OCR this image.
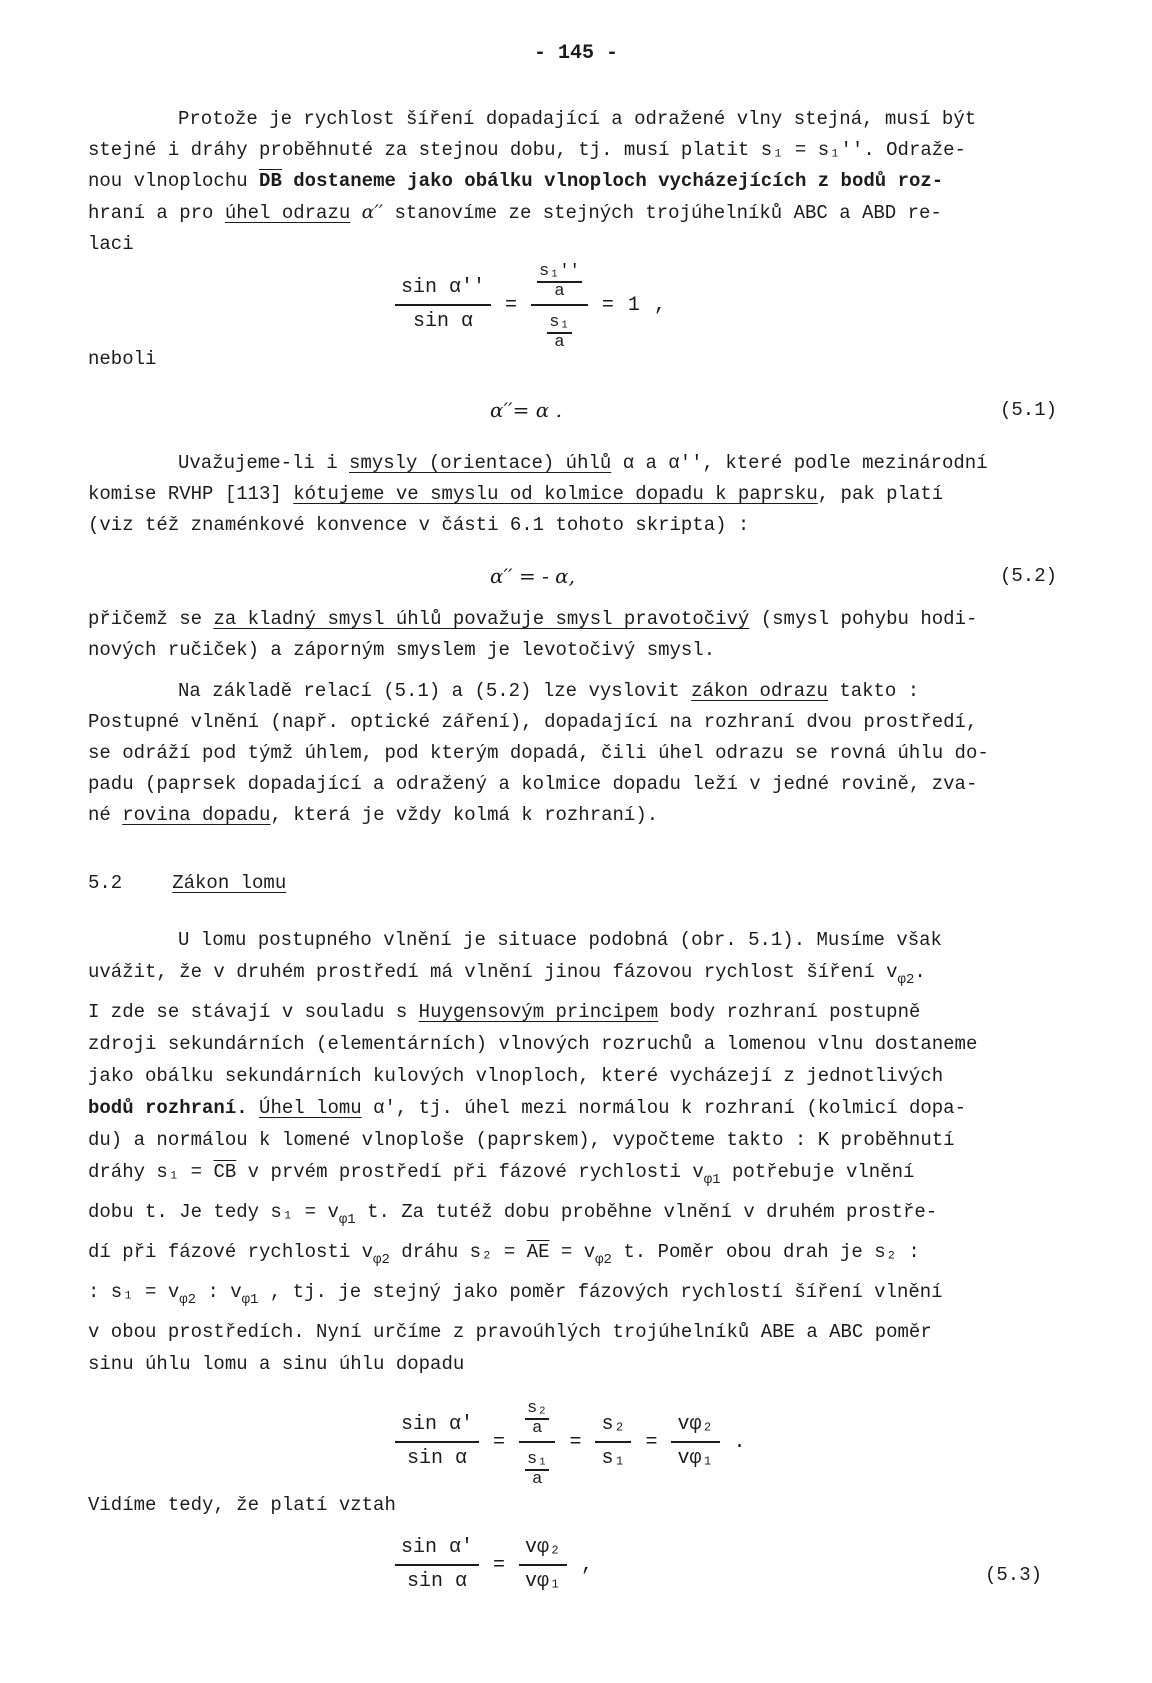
- 145 -
Protože je rychlost šíření dopadající a odražené vlny stejná, musí být
stejné i dráhy proběhnuté za stejnou dobu, tj. musí platit s₁ = s₁′′. Odraže-
nou vlnoplochu $\overline{DB}$ dostaneme jako obálku vlnoploch vycházejících z bodů roz-
hraní a pro úhel odrazu α′′ stanovíme ze stejných trojúhelníků ABC a ABD re-
laci
$\frac{\text{sin α′′}}{\text{sin α}} = \frac{\frac{\text{s₁′′}}{a}}{\frac{\text{s₁}}{a}} = 1$ ,
neboli
α′′= α .	(5.1)
Uvažujeme-li i smysly (orientace) úhlů α a α′′, které podle mezinárodní
komise RVHP [113] kótujeme ve smyslu od kolmice dopadu k paprsku, pak platí
(viz též znaménkové konvence v části 6.1 tohoto skripta) :
α′′ = - α,	(5.2)
přičemž se za kladný smysl úhlů považuje smysl pravotočivý (smysl pohybu hodi-
nových ručiček) a záporným smyslem je levotočivý smysl.
Na základě relací (5.1) a (5.2) lze vyslovit zákon odrazu takto :
Postupné vlnění (např. optické záření), dopadající na rozhraní dvou prostředí,
se odráží pod týmž úhlem, pod kterým dopadá, čili úhel odrazu se rovná úhlu do-
padu (paprsek dopadající a odražený a kolmice dopadu leží v jedné rovině, zva-
né rovina dopadu, která je vždy kolmá k rozhraní).
5.2	Zákon lomu
U lomu postupného vlnění je situace podobná (obr. 5.1). Musíme však
uvážit, že v druhém prostředí má vlnění jinou fázovou rychlost šíření $v_{\varphi 2}$.
I zde se stávají v souladu s Huygensovým principem body rozhraní postupně
zdroji sekundárních (elementárních) vlnových rozruchů a lomenou vlnu dostaneme
jako obálku sekundárních kulových vlnoploch, které vycházejí z jednotlivých
bodů rozhraní. Úhel lomu α′, tj. úhel mezi normálou k rozhraní (kolmicí dopa-
du) a normálou k lomené vlnoploše (paprskem), vypočteme takto : K proběhnutí
dráhy $s_1 = \overline{CB}$ v prvém prostředí při fázové rychlosti $v_{\varphi 1}$ potřebuje vlnění
dobu t. Je tedy $s_1 = v_{\varphi 1}$ t. Za tutéž dobu proběhne vlnění v druhém prostře-
dí při fázové rychlosti $v_{\varphi 2}$ dráhu $s_2 = \overline{AE} = v_{\varphi 2}$ t. Poměr obou drah je s₂ :
: $s_1 = v_{\varphi 2}$ : $v_{\varphi 1}$ , tj. je stejný jako poměr fázových rychlostí šíření vlnění
v obou prostředích. Nyní určíme z pravoúhlých trojúhelníků ABE a ABC poměr
sinu úhlu lomu a sinu úhlu dopadu
$\frac{\text{sin α′}}{\text{sin α}} = \frac{\frac{\text{s₂}}{a}}{\frac{\text{s₁}}{a}} = \frac{\text{s₂}}{\text{s₁}} = \frac{\text{vφ₂}}{\text{vφ₁}}$ .
Vidíme tedy, že platí vztah
$\frac{\text{sin α′}}{\text{sin α}} = \frac{\text{vφ₂}}{\text{vφ₁}}$ ,	(5.3)
